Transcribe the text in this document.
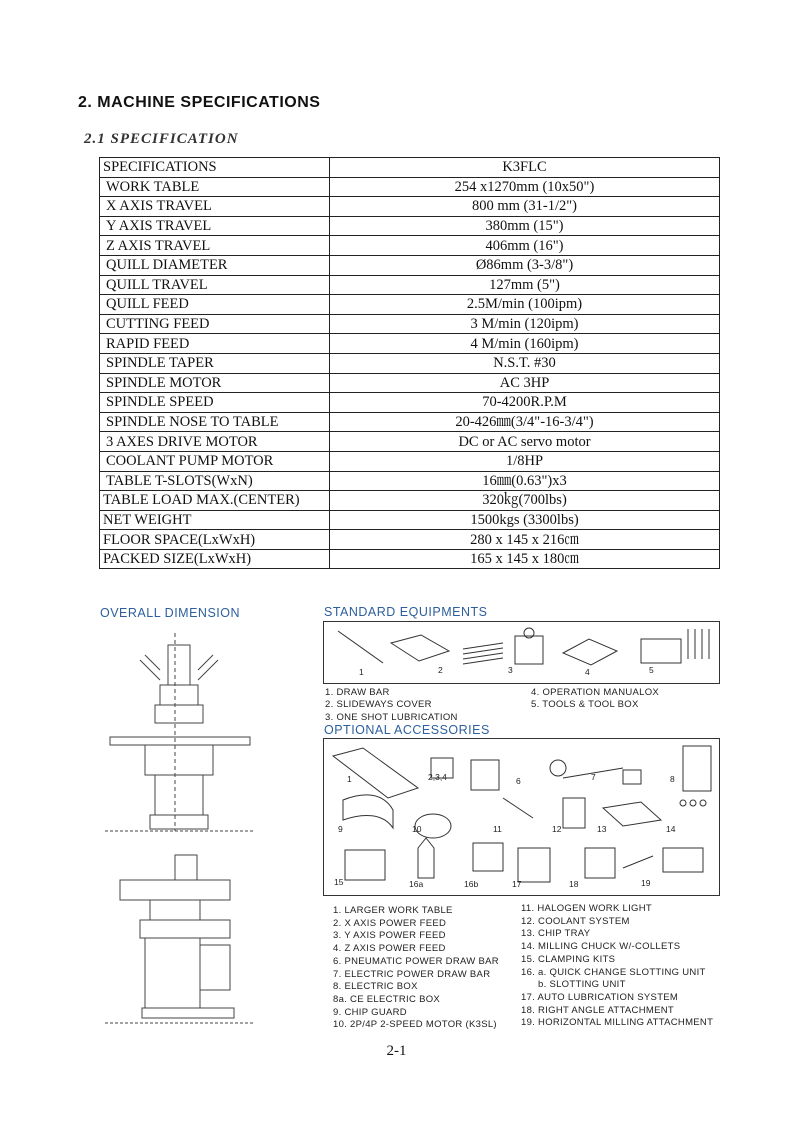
2. MACHINE SPECIFICATIONS
2.1 SPECIFICATION
SPECIFICATIONS	K3FLC
WORK TABLE	254 x1270mm (10x50")
X AXIS TRAVEL	800 mm (31-1/2")
Y AXIS TRAVEL	380mm (15")
Z AXIS TRAVEL	406mm (16")
QUILL DIAMETER	Ø86mm (3-3/8")
QUILL TRAVEL	127mm (5")
QUILL FEED	2.5M/min (100ipm)
CUTTING FEED	3 M/min (120ipm)
RAPID FEED	4 M/min (160ipm)
SPINDLE TAPER	N.S.T. #30
SPINDLE MOTOR	AC 3HP
SPINDLE SPEED	70-4200R.P.M
SPINDLE NOSE TO TABLE	20-426㎜(3/4"-16-3/4")
3 AXES DRIVE MOTOR	DC or AC servo motor
COOLANT PUMP MOTOR	1/8HP
TABLE T-SLOTS(WxN)	16㎜(0.63")x3
TABLE LOAD MAX.(CENTER)	320㎏(700lbs)
NET WEIGHT	1500kgs (3300lbs)
FLOOR SPACE(LxWxH)	280 x 145 x 216㎝
PACKED SIZE(LxWxH)	165 x 145 x 180㎝
OVERALL DIMENSION	STANDARD EQUIPMENTS
1	2	3	4	5
1. DRAW BAR
2. SLIDEWAYS COVER
3. ONE SHOT LUBRICATION
4. OPERATION MANUALOX
5. TOOLS & TOOL BOX
OPTIONAL ACCESSORIES
1	2,3,4	6	7	8
9	10	11	12	13	14
15	16a	16b	17	18	19
1. LARGER WORK TABLE
2. X AXIS POWER FEED
3. Y AXIS POWER FEED
4. Z AXIS POWER FEED
6. PNEUMATIC POWER DRAW BAR
7. ELECTRIC POWER DRAW BAR
8. ELECTRIC BOX
8a. CE ELECTRIC BOX
9. CHIP GUARD
10. 2P/4P 2-SPEED MOTOR (K3SL)
11. HALOGEN WORK LIGHT
12. COOLANT SYSTEM
13. CHIP TRAY
14. MILLING CHUCK W/-COLLETS
15. CLAMPING KITS
16. a. QUICK CHANGE SLOTTING UNIT
b. SLOTTING UNIT
17. AUTO LUBRICATION SYSTEM
18. RIGHT ANGLE ATTACHMENT
19. HORIZONTAL MILLING ATTACHMENT
2-1
